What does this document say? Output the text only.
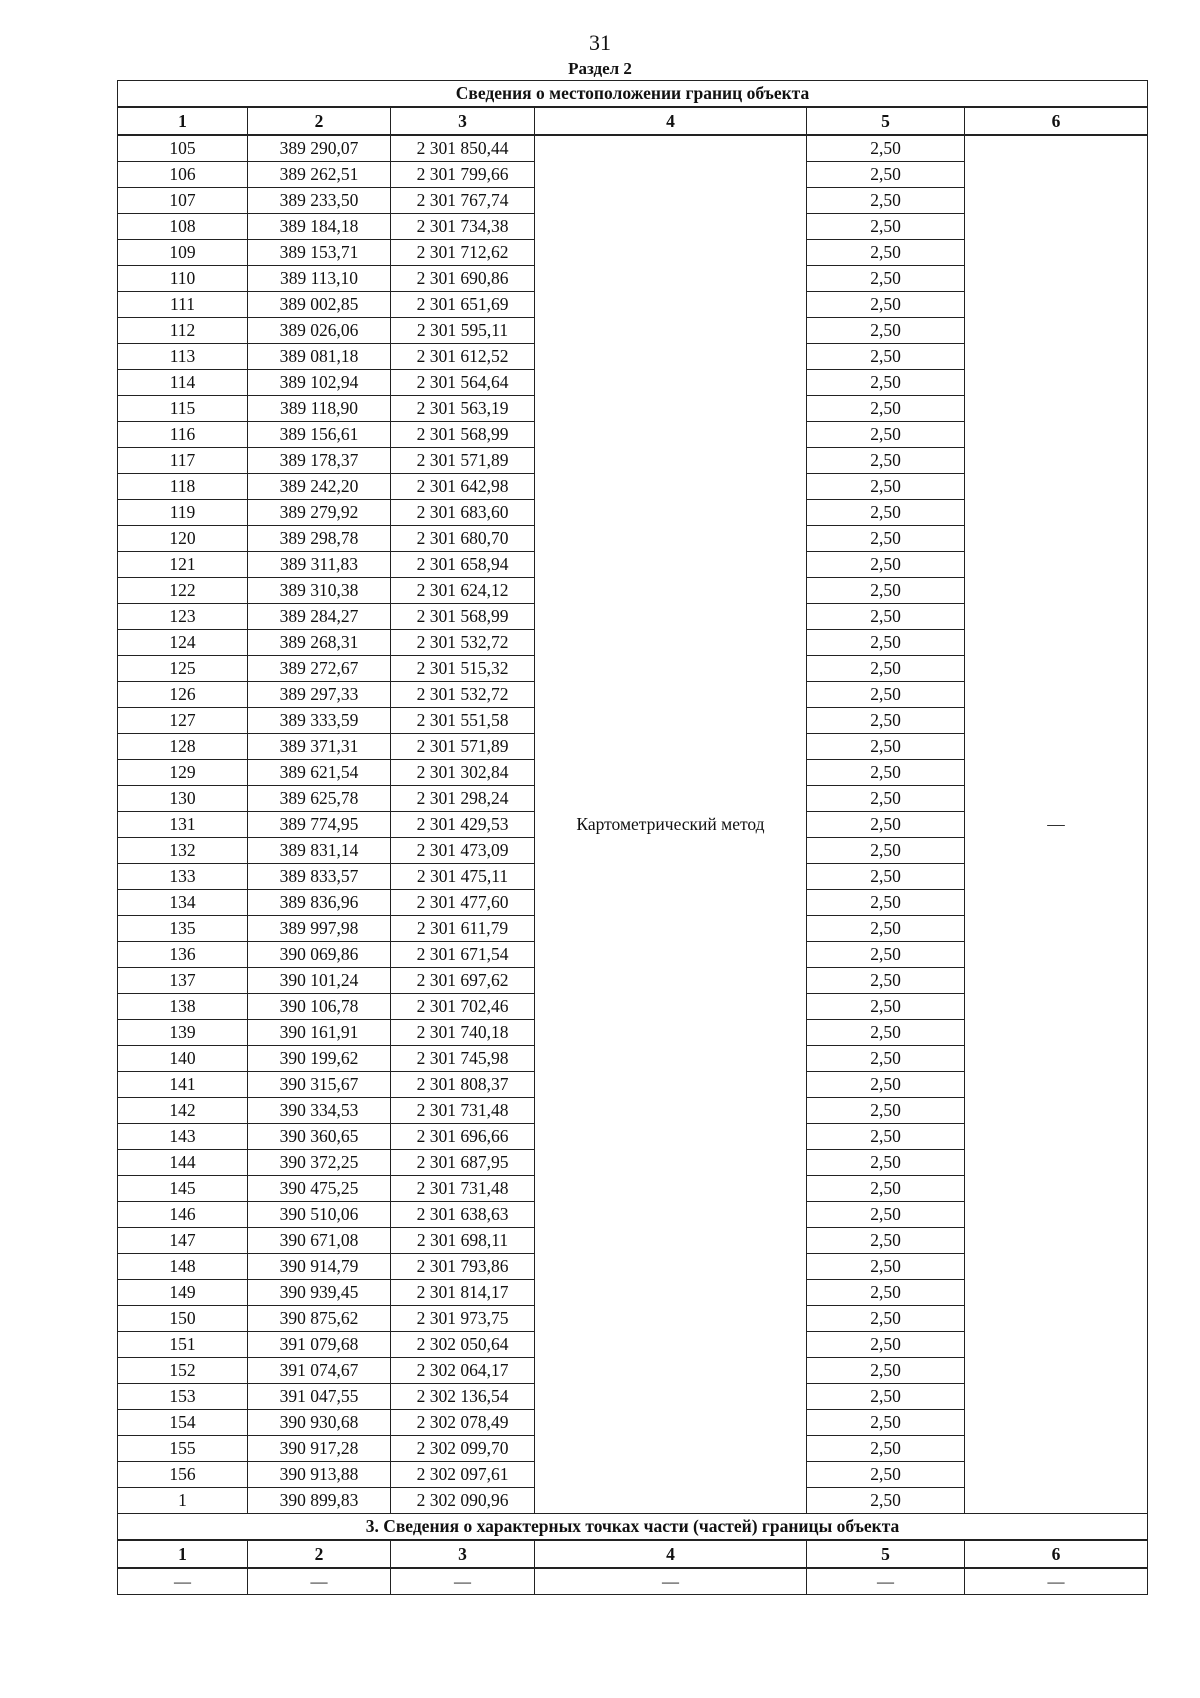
31
Раздел 2
Сведения о местоположении границ объекта					
1	2	3	4	5	6
105	389 290,07	2 301 850,44	Картометрический метод	2,50	—
106	389 262,51	2 301 799,66		2,50	
107	389 233,50	2 301 767,74		2,50	
108	389 184,18	2 301 734,38		2,50	
109	389 153,71	2 301 712,62		2,50	
110	389 113,10	2 301 690,86		2,50	
111	389 002,85	2 301 651,69		2,50	
112	389 026,06	2 301 595,11		2,50	
113	389 081,18	2 301 612,52		2,50	
114	389 102,94	2 301 564,64		2,50	
115	389 118,90	2 301 563,19		2,50	
116	389 156,61	2 301 568,99		2,50	
117	389 178,37	2 301 571,89		2,50	
118	389 242,20	2 301 642,98		2,50	
119	389 279,92	2 301 683,60		2,50	
120	389 298,78	2 301 680,70		2,50	
121	389 311,83	2 301 658,94		2,50	
122	389 310,38	2 301 624,12		2,50	
123	389 284,27	2 301 568,99		2,50	
124	389 268,31	2 301 532,72		2,50	
125	389 272,67	2 301 515,32		2,50	
126	389 297,33	2 301 532,72		2,50	
127	389 333,59	2 301 551,58		2,50	
128	389 371,31	2 301 571,89		2,50	
129	389 621,54	2 301 302,84		2,50	
130	389 625,78	2 301 298,24		2,50	
131	389 774,95	2 301 429,53		2,50	
132	389 831,14	2 301 473,09		2,50	
133	389 833,57	2 301 475,11		2,50	
134	389 836,96	2 301 477,60		2,50	
135	389 997,98	2 301 611,79		2,50	
136	390 069,86	2 301 671,54		2,50	
137	390 101,24	2 301 697,62		2,50	
138	390 106,78	2 301 702,46		2,50	
139	390 161,91	2 301 740,18		2,50	
140	390 199,62	2 301 745,98		2,50	
141	390 315,67	2 301 808,37		2,50	
142	390 334,53	2 301 731,48		2,50	
143	390 360,65	2 301 696,66		2,50	
144	390 372,25	2 301 687,95		2,50	
145	390 475,25	2 301 731,48		2,50	
146	390 510,06	2 301 638,63		2,50	
147	390 671,08	2 301 698,11		2,50	
148	390 914,79	2 301 793,86		2,50	
149	390 939,45	2 301 814,17		2,50	
150	390 875,62	2 301 973,75		2,50	
151	391 079,68	2 302 050,64		2,50	
152	391 074,67	2 302 064,17		2,50	
153	391 047,55	2 302 136,54		2,50	
154	390 930,68	2 302 078,49		2,50	
155	390 917,28	2 302 099,70		2,50	
156	390 913,88	2 302 097,61		2,50	
1	390 899,83	2 302 090,96		2,50	
3. Сведения о характерных точках части (частей) границы объекта					
1	2	3	4	5	6
—	—	—	—	—	—
